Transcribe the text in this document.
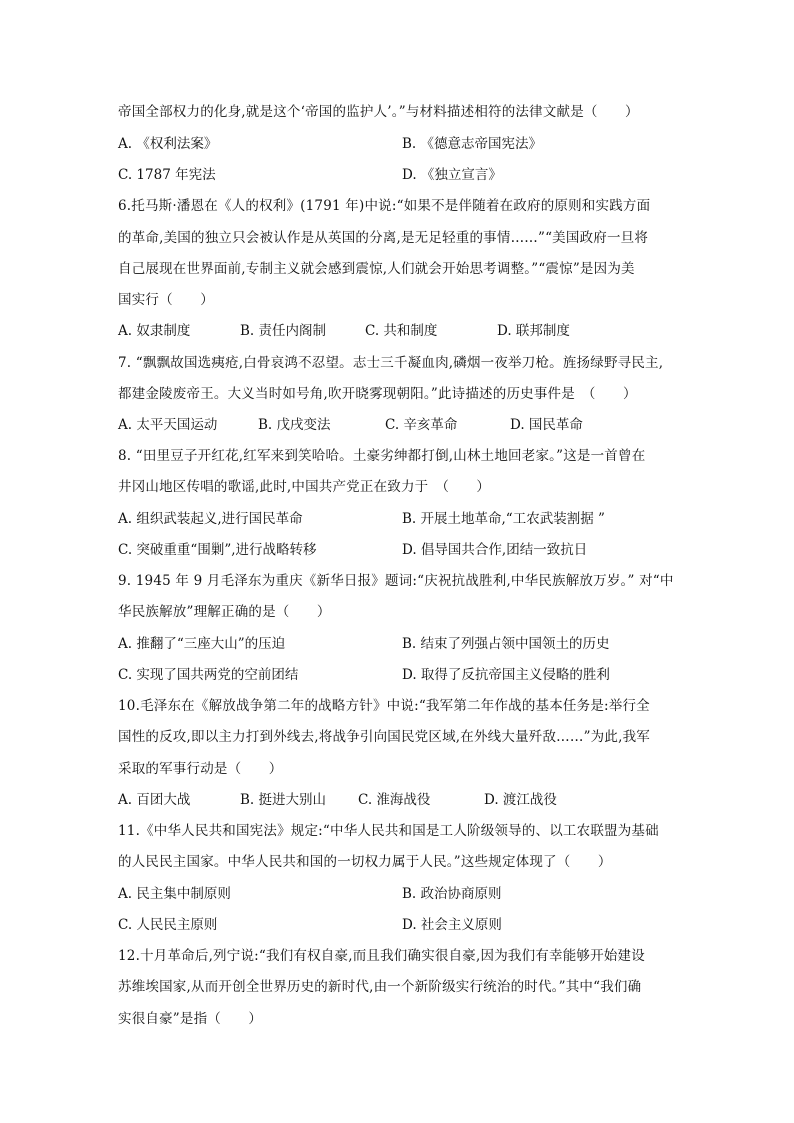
帝国全部权力的化身,就是这个‘帝国的监护人’。”与材料描述相符的法律文献是（　　）
A. 《权利法案》	B. 《德意志帝国宪法》
C. 1787 年宪法	D. 《独立宣言》
6.托马斯·潘恩在《人的权利》(1791 年)中说:“如果不是伴随着在政府的原则和实践方面
的革命,美国的独立只会被认作是从英国的分离,是无足轻重的事情……”“美国政府一旦将
自己展现在世界面前,专制主义就会感到震惊,人们就会开始思考调整。”“震惊”是因为美
国实行（　　）
A. 奴隶制度	B. 责任内阁制	C. 共和制度	D. 联邦制度
7. “飘飘故国选痍疮,白骨哀鸿不忍望。志士三千凝血肉,磷烟一夜举刀枪。旌扬绿野寻民主,
都建金陵废帝王。大义当时如号角,吹开晓雾现朝阳。”此诗描述的历史事件是　（　　）
A. 太平天国运动	B. 戊戌变法	C. 辛亥革命	D. 国民革命
8. “田里豆子开红花,红军来到笑哈哈。土豪劣绅都打倒,山林土地回老家。”这是一首曾在
井冈山地区传唱的歌谣,此时,中国共产党正在致力于　（　　）
A. 组织武装起义,进行国民革命	B. 开展土地革命,“工农武装割据 ”
C. 突破重重“围剿”,进行战略转移	D. 倡导国共合作,团结一致抗日
9. 1945 年 9 月毛泽东为重庆《新华日报》题词:“庆祝抗战胜利,中华民族解放万岁。” 对“中
华民族解放”理解正确的是（　　）
A. 推翻了“三座大山”的压迫	B. 结束了列强占领中国领土的历史
C. 实现了国共两党的空前团结	D. 取得了反抗帝国主义侵略的胜利
10.毛泽东在《解放战争第二年的战略方针》中说:“我军第二年作战的基本任务是:举行全
国性的反攻,即以主力打到外线去,将战争引向国民党区域,在外线大量歼敌……”为此,我军
采取的军事行动是（　　）
A. 百团大战	B. 挺进大别山 C. 淮海战役	D. 渡江战役
11.《中华人民共和国宪法》规定:“中华人民共和国是工人阶级领导的、以工农联盟为基础
的人民民主国家。中华人民共和国的一切权力属于人民。”这些规定体现了（　　）
A. 民主集中制原则	B. 政治协商原则
C. 人民民主原则	D. 社会主义原则
12.十月革命后,列宁说:“我们有权自豪,而且我们确实很自豪,因为我们有幸能够开始建设
苏维埃国家,从而开创全世界历史的新时代,由一个新阶级实行统治的时代。”其中“我们确
实很自豪”是指（　　）
